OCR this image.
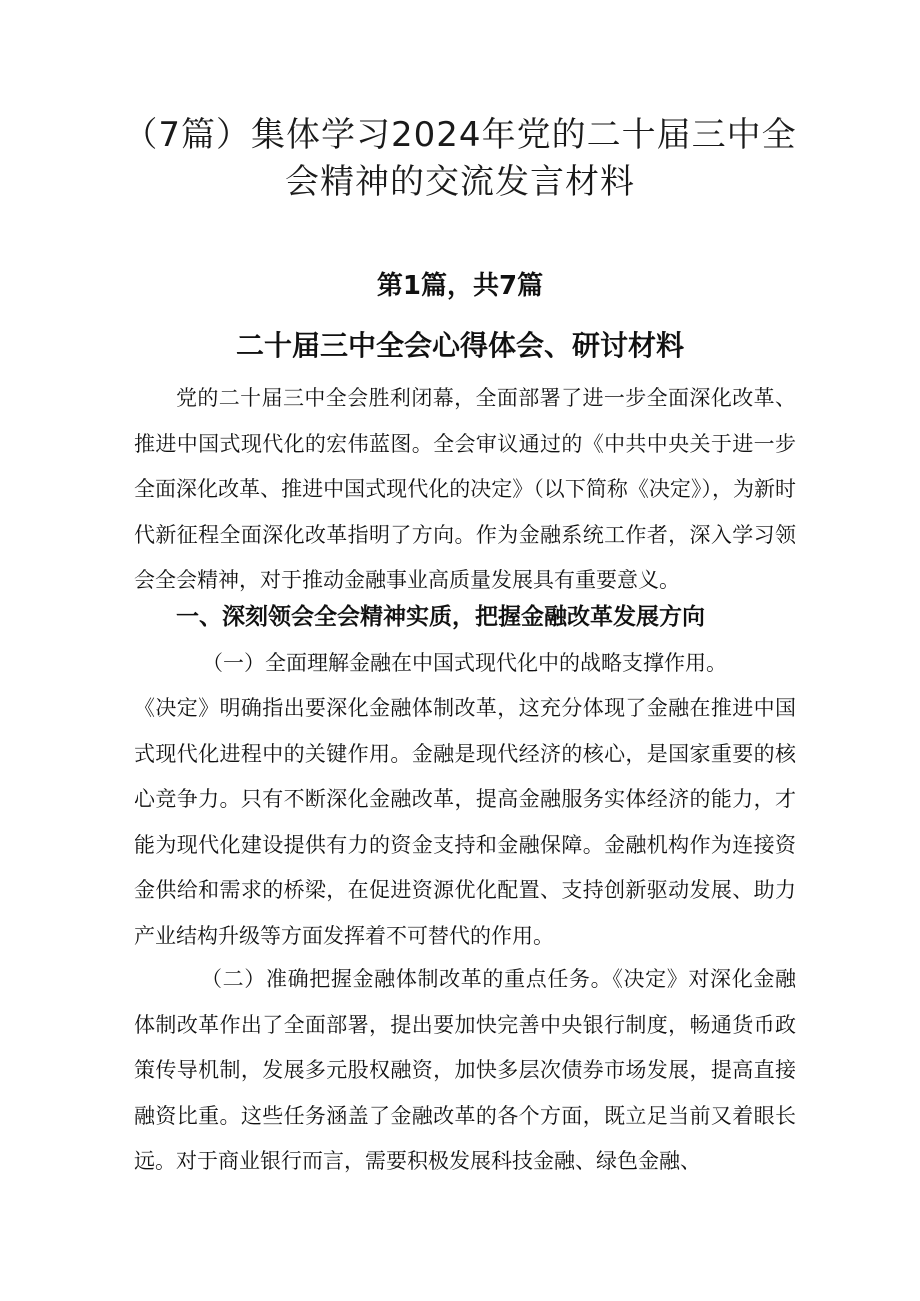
（7篇）集体学习2024年党的二十届三中全
会精神的交流发言材料
第1篇，共7篇
二十届三中全会心得体会、研讨材料

党的二十届三中全会胜利闭幕，全面部署了进一步全面深化改革、推进中国式现代化的宏伟蓝图。全会审议通过的《中共中央关于进一步全面深化改革、推进中国式现代化的决定》（以下简称《决定》），为新时代新征程全面深化改革指明了方向。作为金融系统工作者，深入学习领会全会精神，对于推动金融事业高质量发展具有重要意义。

一、深刻领会全会精神实质，把握金融改革发展方向

（一）全面理解金融在中国式现代化中的战略支撑作用。

《决定》明确指出要深化金融体制改革，这充分体现了金融在推进中国式现代化进程中的关键作用。金融是现代经济的核心，是国家重要的核心竞争力。只有不断深化金融改革，提高金融服务实体经济的能力，才能为现代化建设提供有力的资金支持和金融保障。金融机构作为连接资金供给和需求的桥梁，在促进资源优化配置、支持创新驱动发展、助力产业结构升级等方面发挥着不可替代的作用。

（二）准确把握金融体制改革的重点任务。《决定》对深化金融体制改革作出了全面部署，提出要加快完善中央银行制度，畅通货币政策传导机制，发展多元股权融资，加快多层次债券市场发展，提高直接融资比重。这些任务涵盖了金融改革的各个方面，既立足当前又着眼长远。对于商业银行而言，需要积极发展科技金融、绿色金融、
